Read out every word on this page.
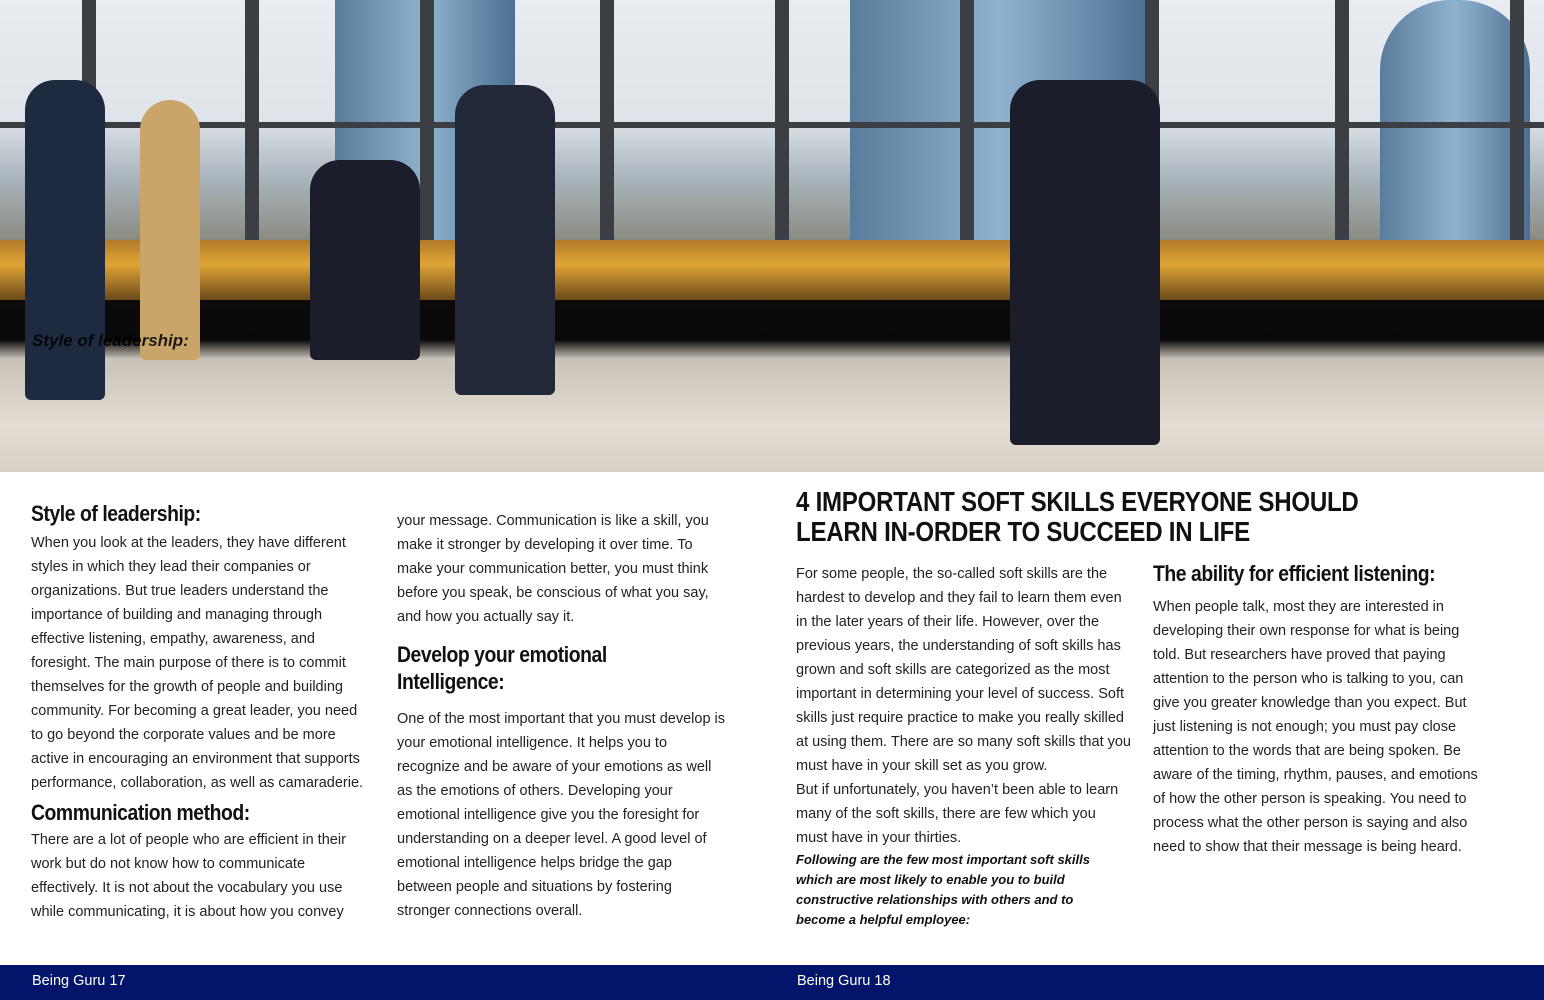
Style of leadership:
Style of leadership:

When you look at the leaders, they have different styles in which they lead their companies or organizations. But true leaders understand the importance of building and managing through effective listening, empathy, awareness, and foresight. The main purpose of there is to commit themselves for the growth of people and building community. For becoming a great leader, you need to go beyond the corporate values and be more active in encouraging an environment that supports performance, collaboration, as well as camaraderie.

Communication method:

There are a lot of people who are efficient in their work but do not know how to communicate effectively. It is not about the vocabulary you use while communicating, it is about how you convey

your message. Communication is like a skill, you make it stronger by developing it over time. To make your communication better, you must think before you speak, be conscious of what you say, and how you actually say it.

Develop your emotional Intelligence:

One of the most important that you must develop is your emotional intelligence. It helps you to recognize and be aware of your emotions as well as the emotions of others. Developing your emotional intelligence give you the foresight for understanding on a deeper level. A good level of emotional intelligence helps bridge the gap between people and situations by fostering stronger connections overall.

4 IMPORTANT SOFT SKILLS EVERYONE SHOULD LEARN IN-ORDER TO SUCCEED IN LIFE

For some people, the so-called soft skills are the hardest to develop and they fail to learn them even in the later years of their life. However, over the previous years, the understanding of soft skills has grown and soft skills are categorized as the most important in determining your level of success. Soft skills just require practice to make you really skilled at using them. There are so many soft skills that you must have in your skill set as you grow.

But if unfortunately, you haven’t been able to learn many of the soft skills, there are few which you must have in your thirties.

Following are the few most important soft skills which are most likely to enable you to build constructive relationships with others and to become a helpful employee:

The ability for efficient listening:

When people talk, most they are interested in developing their own response for what is being told. But researchers have proved that paying attention to the person who is talking to you, can give you greater knowledge than you expect. But just listening is not enough; you must pay close attention to the words that are being spoken. Be aware of the timing, rhythm, pauses, and emotions of how the other person is speaking. You need to process what the other person is saying and also need to show that their message is being heard.

Being Guru 17	Being Guru 18
